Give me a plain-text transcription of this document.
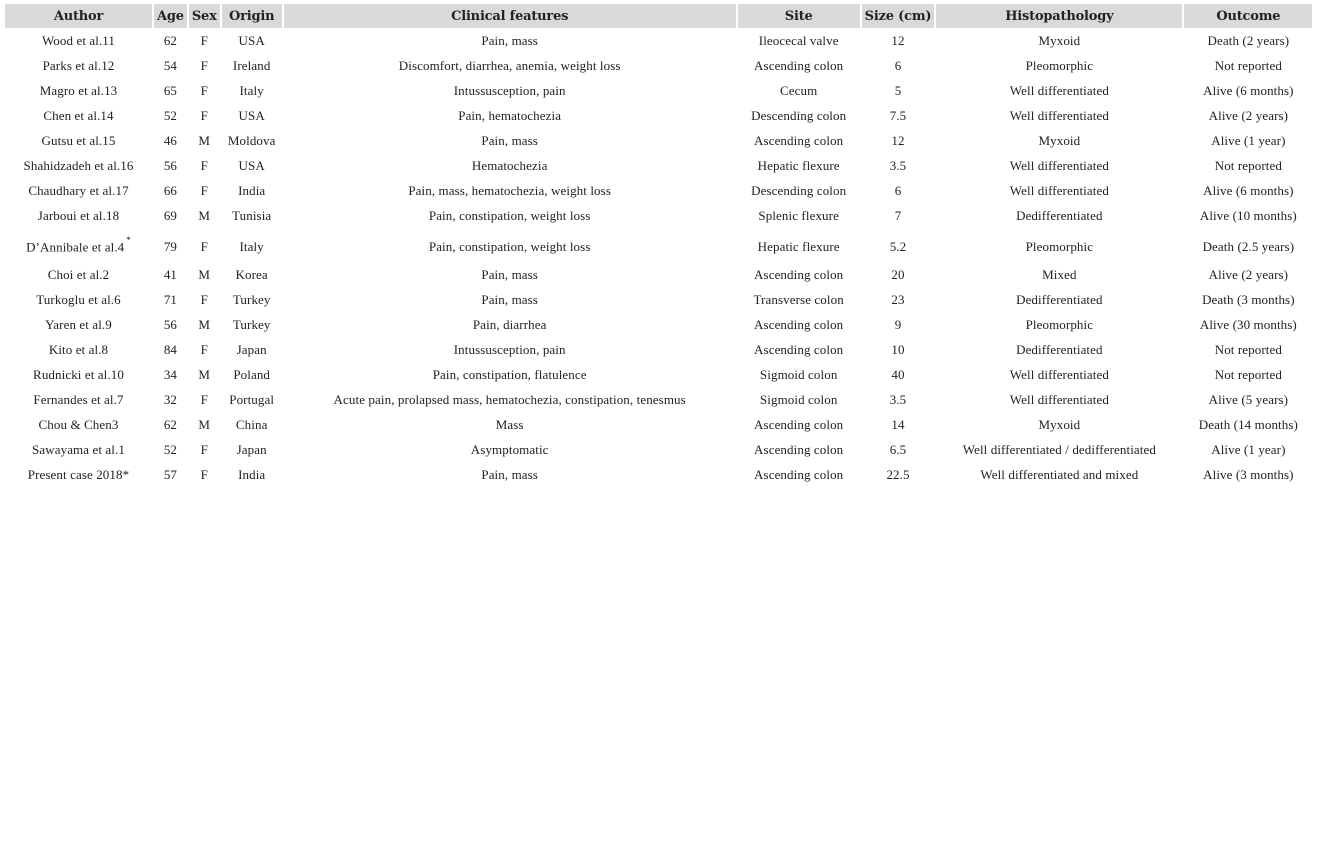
Author	Age	Sex	Origin	Clinical features	Site	Size (cm)	Histopathology	Outcome
Wood et al.11	62	F	USA	Pain, mass	Ileocecal valve	12	Myxoid	Death (2 years)
Parks et al.12	54	F	Ireland	Discomfort, diarrhea, anemia, weight loss	Ascending colon	6	Pleomorphic	Not reported
Magro et al.13	65	F	Italy	Intussusception, pain	Cecum	5	Well differentiated	Alive (6 months)
Chen et al.14	52	F	USA	Pain, hematochezia	Descending colon	7.5	Well differentiated	Alive (2 years)
Gutsu et al.15	46	M	Moldova	Pain, mass	Ascending colon	12	Myxoid	Alive (1 year)
Shahidzadeh et al.16	56	F	USA	Hematochezia	Hepatic flexure	3.5	Well differentiated	Not reported
Chaudhary et al.17	66	F	India	Pain, mass, hematochezia, weight loss	Descending colon	6	Well differentiated	Alive (6 months)
Jarboui et al.18	69	M	Tunisia	Pain, constipation, weight loss	Splenic flexure	7	Dedifferentiated	Alive (10 months)
D’Annibale et al.4 *	79	F	Italy	Pain, constipation, weight loss	Hepatic flexure	5.2	Pleomorphic	Death (2.5 years)
Choi et al.2	41	M	Korea	Pain, mass	Ascending colon	20	Mixed	Alive (2 years)
Turkoglu et al.6	71	F	Turkey	Pain, mass	Transverse colon	23	Dedifferentiated	Death (3 months)
Yaren et al.9	56	M	Turkey	Pain, diarrhea	Ascending colon	9	Pleomorphic	Alive (30 months)
Kito et al.8	84	F	Japan	Intussusception, pain	Ascending colon	10	Dedifferentiated	Not reported
Rudnicki et al.10	34	M	Poland	Pain, constipation, flatulence	Sigmoid colon	40	Well differentiated	Not reported
Fernandes et al.7	32	F	Portugal	Acute pain, prolapsed mass, hematochezia, constipation, tenesmus	Sigmoid colon	3.5	Well differentiated	Alive (5 years)
Chou & Chen3	62	M	China	Mass	Ascending colon	14	Myxoid	Death (14 months)
Sawayama et al.1	52	F	Japan	Asymptomatic	Ascending colon	6.5	Well differentiated / dedifferentiated	Alive (1 year)
Present case 2018*	57	F	India	Pain, mass	Ascending colon	22.5	Well differentiated and mixed	Alive (3 months)
